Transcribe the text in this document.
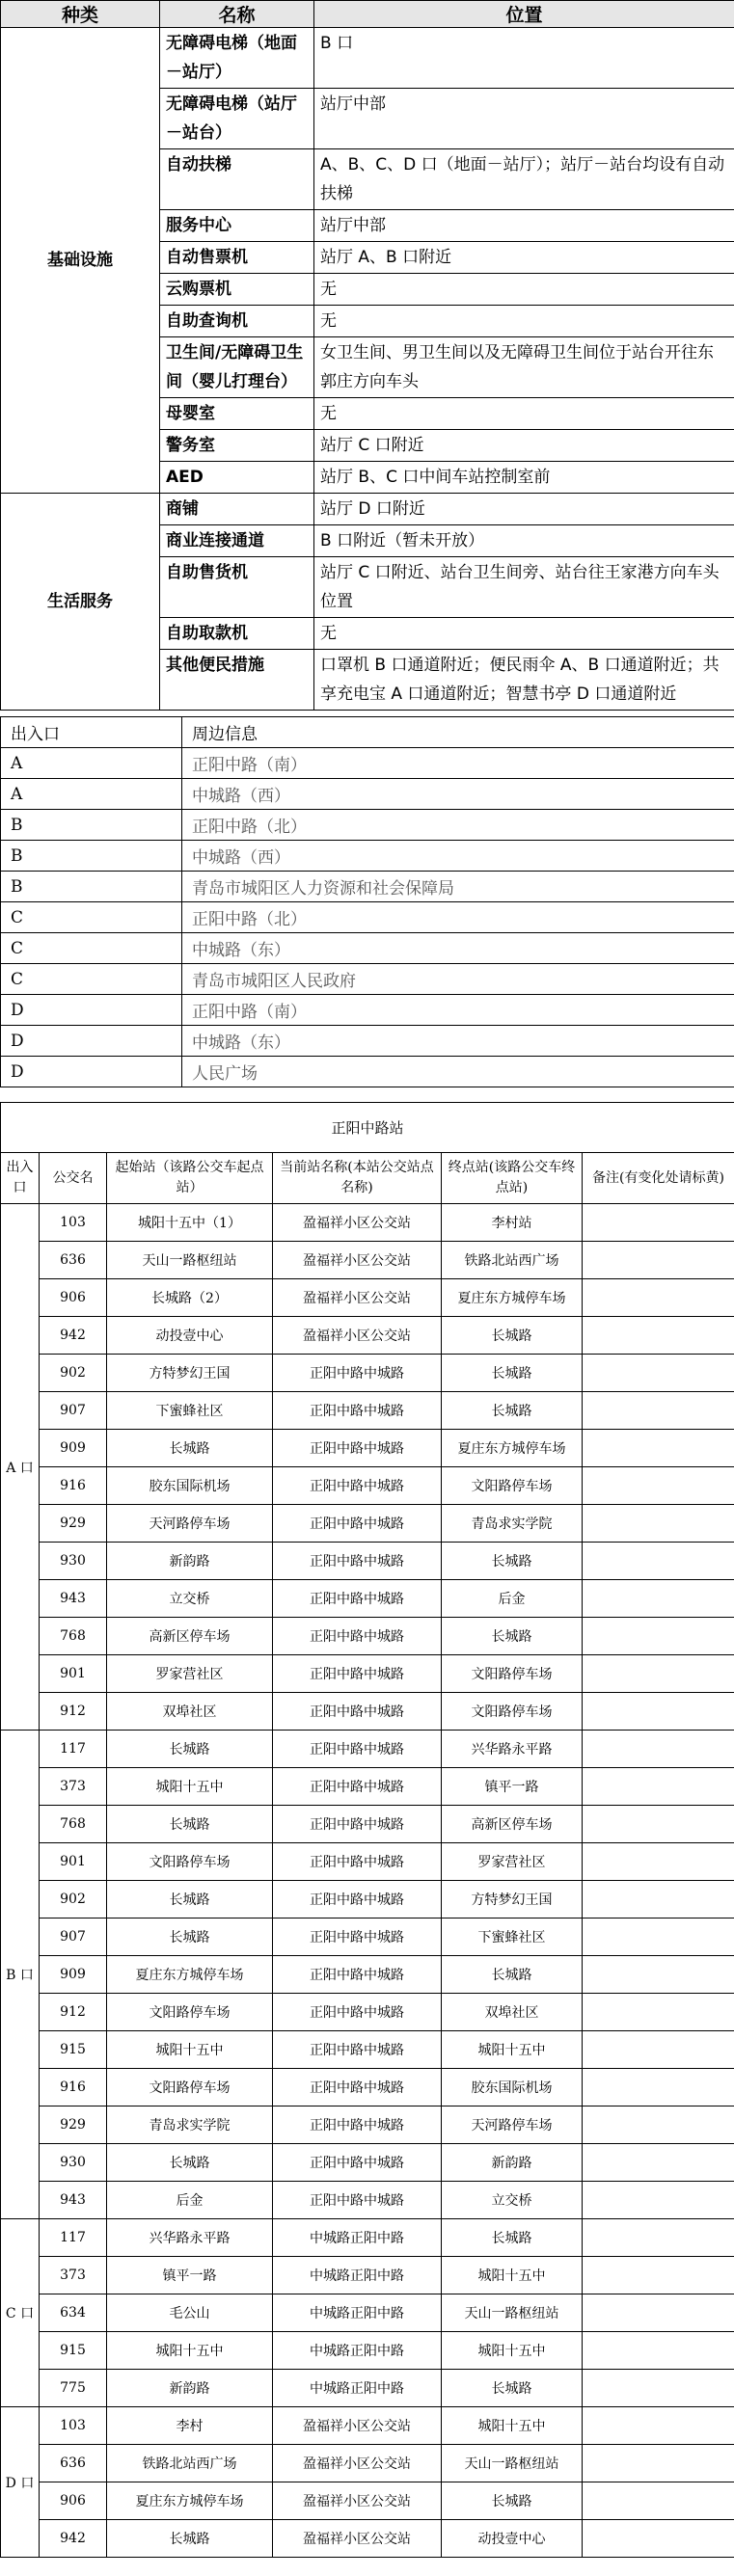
种类	名称	位置
基础设施	无障碍电梯（地面－站厅）	B 口
	无障碍电梯（站厅－站台）	站厅中部
	自动扶梯	A、B、C、D 口（地面－站厅）；站厅－站台均设有自动扶梯
	服务中心	站厅中部
	自动售票机	站厅 A、B 口附近
	云购票机	无
	自助查询机	无
	卫生间/无障碍卫生间（婴儿打理台）	女卫生间、男卫生间以及无障碍卫生间位于站台开往东郭庄方向车头
	母婴室	无
	警务室	站厅 C 口附近
	AED	站厅 B、C 口中间车站控制室前
生活服务	商铺	站厅 D 口附近
	商业连接通道	B 口附近（暂未开放）
	自助售货机	站厅 C 口附近、站台卫生间旁、站台往王家港方向车头位置
	自助取款机	无
	其他便民措施	口罩机 B 口通道附近；便民雨伞 A、B 口通道附近；共享充电宝 A 口通道附近；智慧书亭 D 口通道附近
出入口	周边信息
A	正阳中路（南）
A	中城路（西）
B	正阳中路（北）
B	中城路（西）
B	青岛市城阳区人力资源和社会保障局
C	正阳中路（北）
C	中城路（东）
C	青岛市城阳区人民政府
D	正阳中路（南）
D	中城路（东）
D	人民广场
正阳中路站					
出入口	公交名	起始站（该路公交车起点站）	当前站名称(本站公交站点名称)	终点站(该路公交车终点站)	备注(有变化处请标黄)
A 口	103	城阳十五中（1）	盈福祥小区公交站	李村站	
	636	天山一路枢纽站	盈福祥小区公交站	铁路北站西广场	
	906	长城路（2）	盈福祥小区公交站	夏庄东方城停车场	
	942	动投壹中心	盈福祥小区公交站	长城路	
	902	方特梦幻王国	正阳中路中城路	长城路	
	907	下蜜蜂社区	正阳中路中城路	长城路	
	909	长城路	正阳中路中城路	夏庄东方城停车场	
	916	胶东国际机场	正阳中路中城路	文阳路停车场	
	929	天河路停车场	正阳中路中城路	青岛求实学院	
	930	新韵路	正阳中路中城路	长城路	
	943	立交桥	正阳中路中城路	后金	
	768	高新区停车场	正阳中路中城路	长城路	
	901	罗家营社区	正阳中路中城路	文阳路停车场	
	912	双埠社区	正阳中路中城路	文阳路停车场	
B 口	117	长城路	正阳中路中城路	兴华路永平路	
	373	城阳十五中	正阳中路中城路	镇平一路	
	768	长城路	正阳中路中城路	高新区停车场	
	901	文阳路停车场	正阳中路中城路	罗家营社区	
	902	长城路	正阳中路中城路	方特梦幻王国	
	907	长城路	正阳中路中城路	下蜜蜂社区	
	909	夏庄东方城停车场	正阳中路中城路	长城路	
	912	文阳路停车场	正阳中路中城路	双埠社区	
	915	城阳十五中	正阳中路中城路	城阳十五中	
	916	文阳路停车场	正阳中路中城路	胶东国际机场	
	929	青岛求实学院	正阳中路中城路	天河路停车场	
	930	长城路	正阳中路中城路	新韵路	
	943	后金	正阳中路中城路	立交桥	
C 口	117	兴华路永平路	中城路正阳中路	长城路	
	373	镇平一路	中城路正阳中路	城阳十五中	
	634	毛公山	中城路正阳中路	天山一路枢纽站	
	915	城阳十五中	中城路正阳中路	城阳十五中	
	775	新韵路	中城路正阳中路	长城路	
D 口	103	李村	盈福祥小区公交站	城阳十五中	
	636	铁路北站西广场	盈福祥小区公交站	天山一路枢纽站	
	906	夏庄东方城停车场	盈福祥小区公交站	长城路	
	942	长城路	盈福祥小区公交站	动投壹中心	
